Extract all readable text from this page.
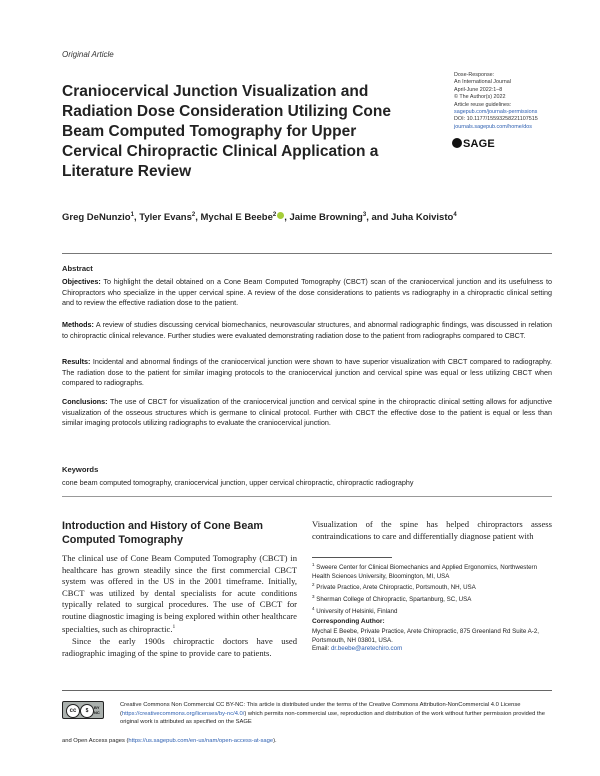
Original Article
Craniocervical Junction Visualization and Radiation Dose Consideration Utilizing Cone Beam Computed Tomography for Upper Cervical Chiropractic Clinical Application a Literature Review
Dose-Response:
An International Journal
April-June 2022:1–8
© The Author(s) 2022
Article reuse guidelines:
sagepub.com/journals-permissions
DOI: 10.1177/15593258221107515
journals.sagepub.com/home/dos
SAGE
Greg DeNunzio$^1$, Tyler Evans$^2$, Mychal E Beebe$^2$ , Jaime Browning$^3$, and Juha Koivisto$^4$
Abstract
Objectives: To highlight the detail obtained on a Cone Beam Computed Tomography (CBCT) scan of the craniocervical junction and its usefulness to Chiropractors who specialize in the upper cervical spine. A review of the dose considerations to patients vs radiography in a chiropractic clinical setting and to review the effective radiation dose to the patient.
Methods: A review of studies discussing cervical biomechanics, neurovascular structures, and abnormal radiographic findings, was discussed in relation to chiropractic clinical relevance. Further studies were evaluated demonstrating radiation dose to the patient from radiographs compared to CBCT.
Results: Incidental and abnormal findings of the craniocervical junction were shown to have superior visualization with CBCT compared to radiography. The radiation dose to the patient for similar imaging protocols to the craniocervical junction and cervical spine was equal or less utilizing CBCT when compared to radiographs.
Conclusions: The use of CBCT for visualization of the craniocervical junction and cervical spine in the chiropractic clinical setting allows for adjunctive visualization of the osseous structures which is germane to clinical protocol. Further with CBCT the effective dose to the patient is equal or less than similar imaging protocols utilizing radiographs to evaluate the craniocervical junction.
Keywords
cone beam computed tomography, craniocervical junction, upper cervical chiropractic, chiropractic radiography
Introduction and History of Cone Beam Computed Tomography
The clinical use of Cone Beam Computed Tomography (CBCT) in healthcare has grown steadily since the first commercial CBCT system was offered in the US in the 2001 timeframe. Initially, CBCT was utilized by dental specialists for acute conditions typically related to surgical procedures. The use of CBCT for routine diagnostic imaging is being explored within other healthcare specialties, such as chiropractic.$^1$
Since the early 1900s chiropractic doctors have used radiographic imaging of the spine to provide care to patients.
Visualization of the spine has helped chiropractors assess contraindications to care and differentially diagnose patient with
$^1$ Sweere Center for Clinical Biomechanics and Applied Ergonomics, Northwestern Health Sciences University, Bloomington, MI, USA
$^2$ Private Practice, Arete Chiropractic, Portsmouth, NH, USA
$^3$ Sherman College of Chiropractic, Spartanburg, SC, USA
$^4$ University of Helsinki, Finland
Corresponding Author:
Mychal E Beebe, Private Practice, Arete Chiropractic, 875 Greenland Rd Suite A-2, Portsmouth, NH 03801, USA.
Email: dr.beebe@aretechiro.com
cc	$
BY
NC
Creative Commons Non Commercial CC BY-NC: This article is distributed under the terms of the Creative Commons Attribution-NonCommercial 4.0 License (https://creativecommons.org/licenses/by-nc/4.0/) which permits non-commercial use, reproduction and distribution of the work without further permission provided the original work is attributed as specified on the SAGE
and Open Access pages (https://us.sagepub.com/en-us/nam/open-access-at-sage).
